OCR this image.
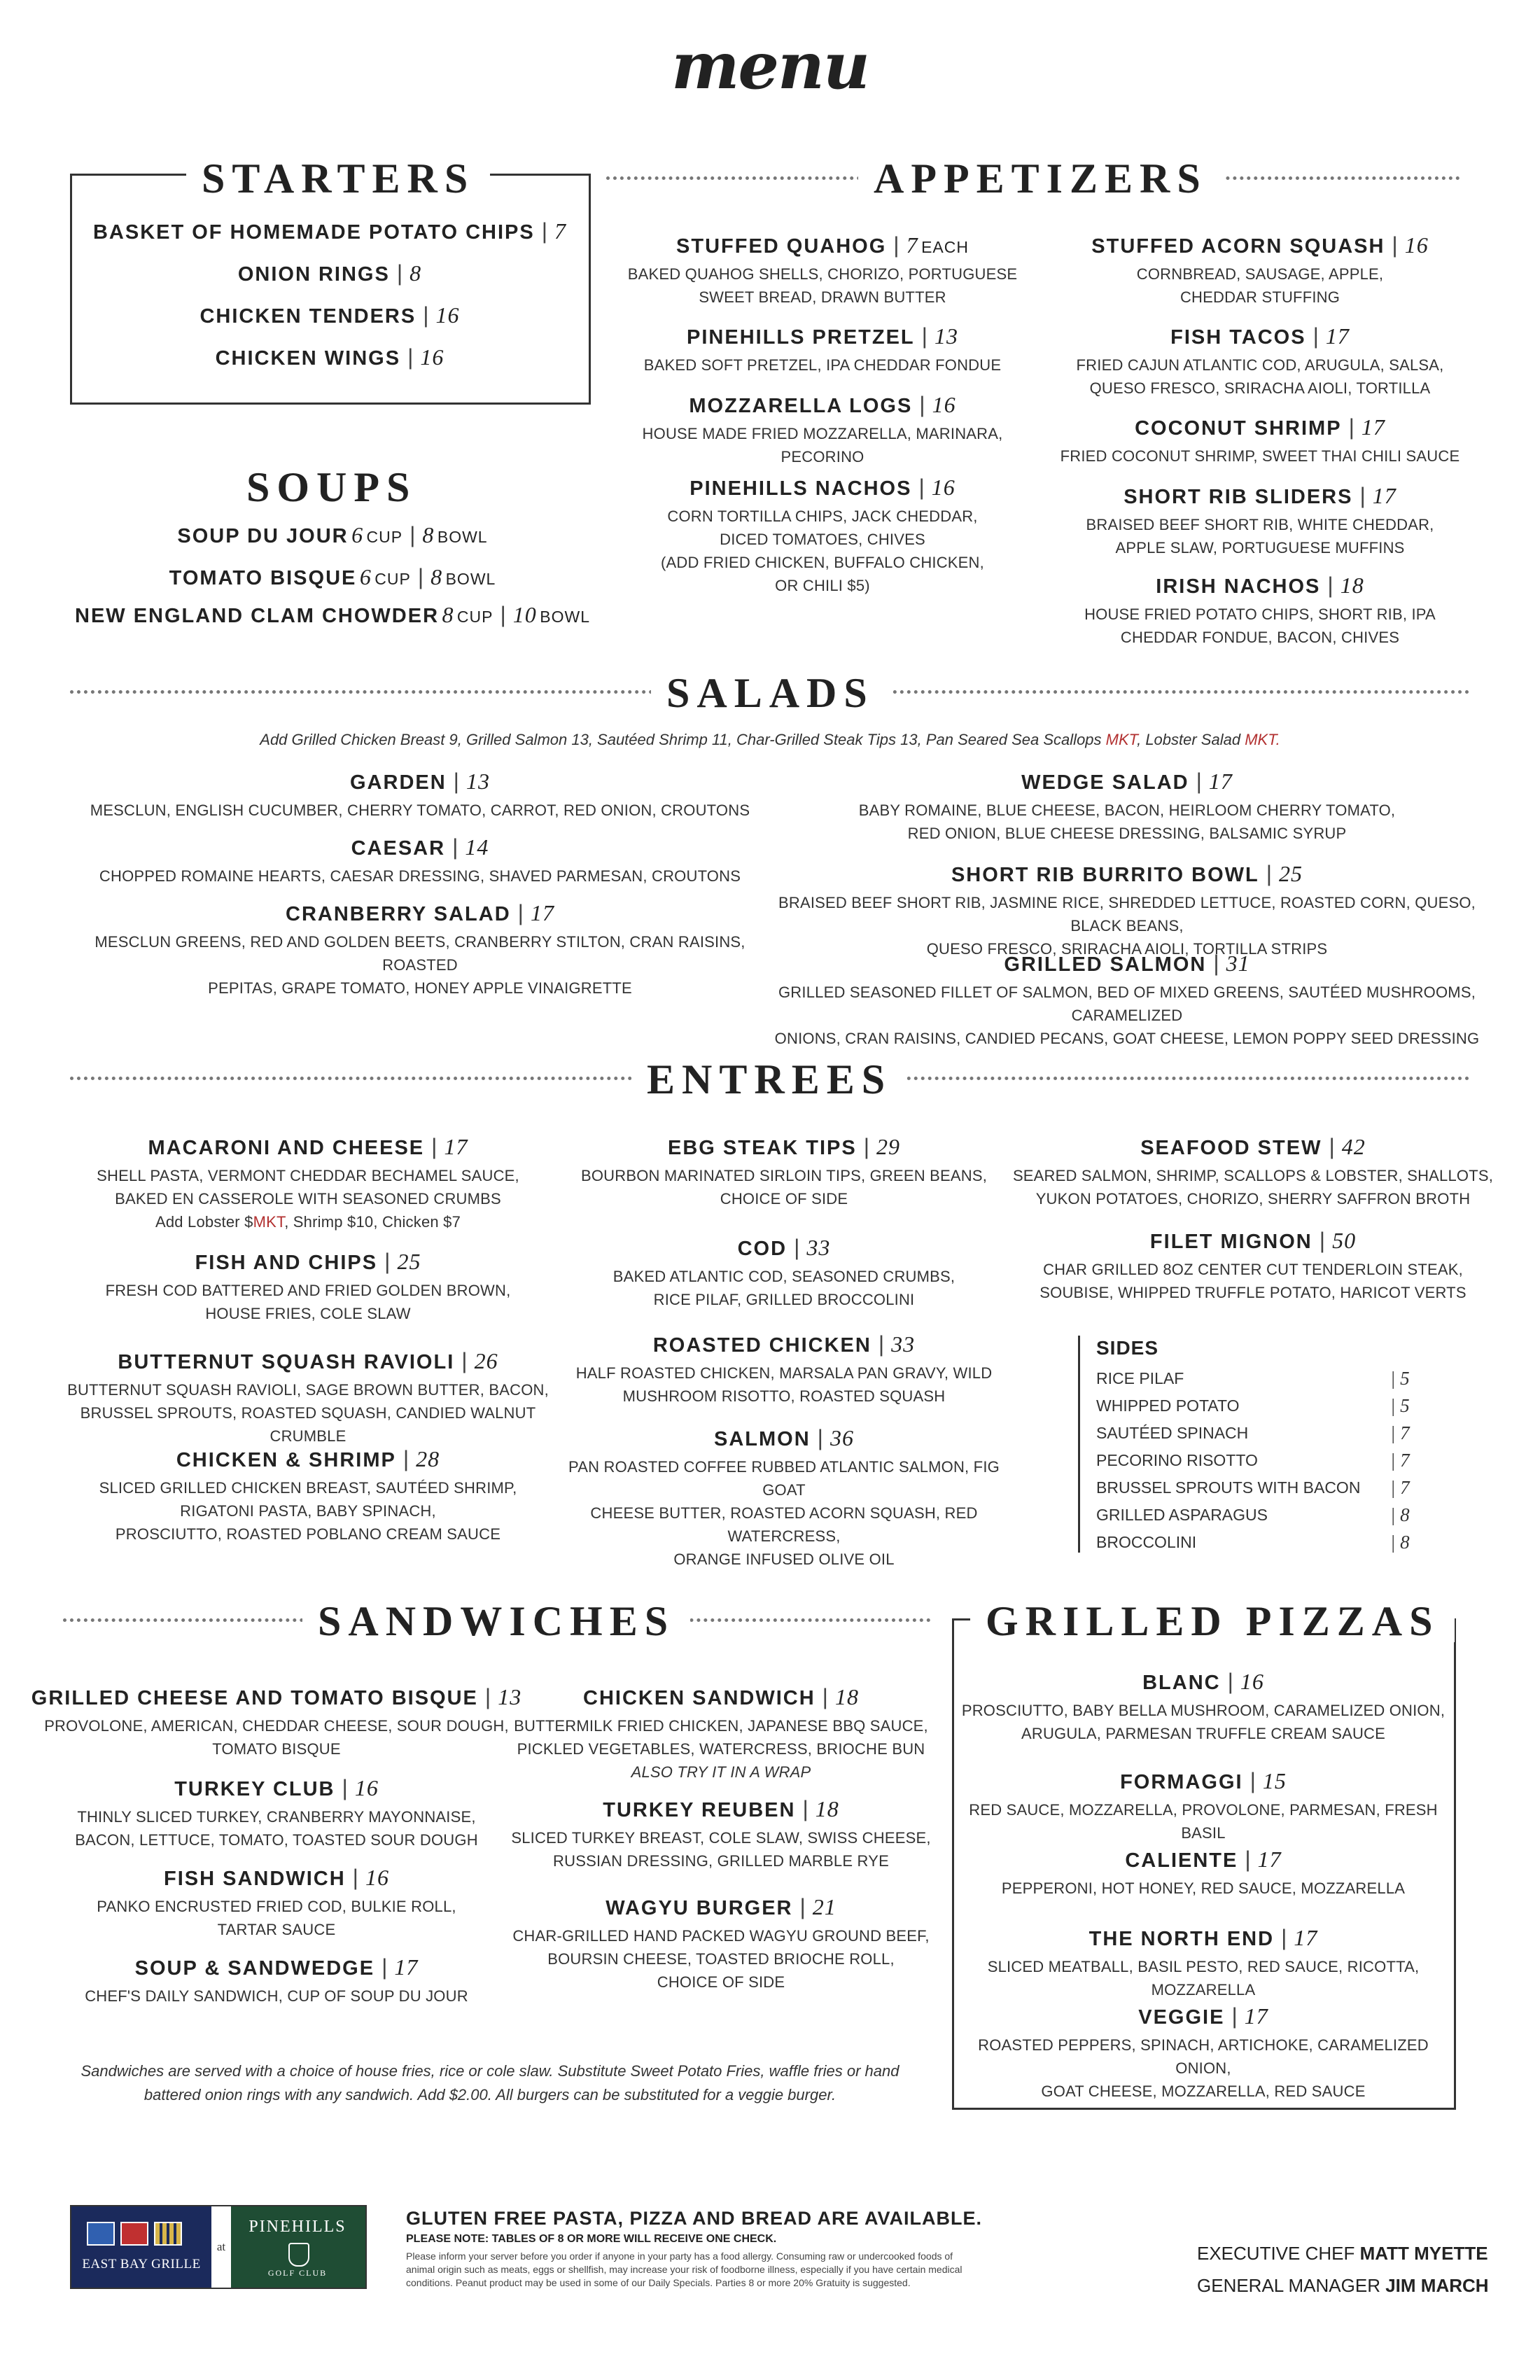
menu
STARTERS
BASKET OF HOMEMADE POTATO CHIPS | 7
ONION RINGS | 8
CHICKEN TENDERS | 16
CHICKEN WINGS | 16
SOUPS
SOUP DU JOUR 6 CUP | 8 BOWL
TOMATO BISQUE 6 CUP | 8 BOWL
NEW ENGLAND CLAM CHOWDER 8 CUP | 10 BOWL
APPETIZERS
STUFFED QUAHOG | 7 EACH
BAKED QUAHOG SHELLS, CHORIZO, PORTUGUESE
SWEET BREAD, DRAWN BUTTER
PINEHILLS PRETZEL | 13
BAKED SOFT PRETZEL, IPA CHEDDAR FONDUE
MOZZARELLA LOGS | 16
HOUSE MADE FRIED MOZZARELLA, MARINARA,
PECORINO
PINEHILLS NACHOS | 16
CORN TORTILLA CHIPS, JACK CHEDDAR,
DICED TOMATOES, CHIVES
(ADD FRIED CHICKEN, BUFFALO CHICKEN,
OR CHILI $5)
STUFFED ACORN SQUASH | 16
CORNBREAD, SAUSAGE, APPLE,
CHEDDAR STUFFING
FISH TACOS | 17
FRIED CAJUN ATLANTIC COD, ARUGULA, SALSA,
QUESO FRESCO, SRIRACHA AIOLI, TORTILLA
COCONUT SHRIMP | 17
FRIED COCONUT SHRIMP, SWEET THAI CHILI SAUCE
SHORT RIB SLIDERS | 17
BRAISED BEEF SHORT RIB, WHITE CHEDDAR,
APPLE SLAW, PORTUGUESE MUFFINS
IRISH NACHOS | 18
HOUSE FRIED POTATO CHIPS, SHORT RIB, IPA
CHEDDAR FONDUE, BACON, CHIVES
SALADS
Add Grilled Chicken Breast 9, Grilled Salmon 13, Sautéed Shrimp 11, Char-Grilled Steak Tips 13, Pan Seared Sea Scallops MKT, Lobster Salad MKT.
GARDEN | 13
MESCLUN, ENGLISH CUCUMBER, CHERRY TOMATO, CARROT, RED ONION, CROUTONS
CAESAR | 14
CHOPPED ROMAINE HEARTS, CAESAR DRESSING, SHAVED PARMESAN, CROUTONS
CRANBERRY SALAD | 17
MESCLUN GREENS, RED AND GOLDEN BEETS, CRANBERRY STILTON, CRAN RAISINS, ROASTED
PEPITAS, GRAPE TOMATO, HONEY APPLE VINAIGRETTE
WEDGE SALAD | 17
BABY ROMAINE, BLUE CHEESE, BACON, HEIRLOOM CHERRY TOMATO,
RED ONION, BLUE CHEESE DRESSING, BALSAMIC SYRUP
SHORT RIB BURRITO BOWL | 25
BRAISED BEEF SHORT RIB, JASMINE RICE, SHREDDED LETTUCE, ROASTED CORN, QUESO, BLACK BEANS,
QUESO FRESCO, SRIRACHA AIOLI, TORTILLA STRIPS
GRILLED SALMON | 31
GRILLED SEASONED FILLET OF SALMON, BED OF MIXED GREENS, SAUTÉED MUSHROOMS, CARAMELIZED
ONIONS, CRAN RAISINS, CANDIED PECANS, GOAT CHEESE, LEMON POPPY SEED DRESSING
ENTREES
MACARONI AND CHEESE | 17
SHELL PASTA, VERMONT CHEDDAR BECHAMEL SAUCE,
BAKED EN CASSEROLE WITH SEASONED CRUMBS
Add Lobster $MKT, Shrimp $10, Chicken $7
FISH AND CHIPS | 25
FRESH COD BATTERED AND FRIED GOLDEN BROWN,
HOUSE FRIES, COLE SLAW
BUTTERNUT SQUASH RAVIOLI | 26
BUTTERNUT SQUASH RAVIOLI, SAGE BROWN BUTTER, BACON,
BRUSSEL SPROUTS, ROASTED SQUASH, CANDIED WALNUT CRUMBLE
CHICKEN & SHRIMP | 28
SLICED GRILLED CHICKEN BREAST, SAUTÉED SHRIMP,
RIGATONI PASTA, BABY SPINACH,
PROSCIUTTO, ROASTED POBLANO CREAM SAUCE
EBG STEAK TIPS | 29
BOURBON MARINATED SIRLOIN TIPS, GREEN BEANS,
CHOICE OF SIDE
COD | 33
BAKED ATLANTIC COD, SEASONED CRUMBS,
RICE PILAF, GRILLED BROCCOLINI
ROASTED CHICKEN | 33
HALF ROASTED CHICKEN, MARSALA PAN GRAVY, WILD
MUSHROOM RISOTTO, ROASTED SQUASH
SALMON | 36
PAN ROASTED COFFEE RUBBED ATLANTIC SALMON, FIG GOAT
CHEESE BUTTER, ROASTED ACORN SQUASH, RED WATERCRESS,
ORANGE INFUSED OLIVE OIL
SEAFOOD STEW | 42
SEARED SALMON, SHRIMP, SCALLOPS & LOBSTER, SHALLOTS,
YUKON POTATOES, CHORIZO, SHERRY SAFFRON BROTH
FILET MIGNON | 50
CHAR GRILLED 8OZ CENTER CUT TENDERLOIN STEAK,
SOUBISE, WHIPPED TRUFFLE POTATO, HARICOT VERTS
SIDES
RICE PILAF	| 5
WHIPPED POTATO	| 5
SAUTÉED SPINACH	| 7
PECORINO RISOTTO	| 7
BRUSSEL SPROUTS WITH BACON	| 7
GRILLED ASPARAGUS	| 8
BROCCOLINI	| 8
SANDWICHES
GRILLED CHEESE AND TOMATO BISQUE | 13
PROVOLONE, AMERICAN, CHEDDAR CHEESE, SOUR DOUGH,
TOMATO BISQUE
TURKEY CLUB | 16
THINLY SLICED TURKEY, CRANBERRY MAYONNAISE,
BACON, LETTUCE, TOMATO, TOASTED SOUR DOUGH
FISH SANDWICH | 16
PANKO ENCRUSTED FRIED COD, BULKIE ROLL,
TARTAR SAUCE
SOUP & SANDWEDGE | 17
CHEF'S DAILY SANDWICH, CUP OF SOUP DU JOUR
CHICKEN SANDWICH | 18
BUTTERMILK FRIED CHICKEN, JAPANESE BBQ SAUCE,
PICKLED VEGETABLES, WATERCRESS, BRIOCHE BUN
ALSO TRY IT IN A WRAP
TURKEY REUBEN | 18
SLICED TURKEY BREAST, COLE SLAW, SWISS CHEESE,
RUSSIAN DRESSING, GRILLED MARBLE RYE
WAGYU BURGER | 21
CHAR-GRILLED HAND PACKED WAGYU GROUND BEEF,
BOURSIN CHEESE, TOASTED BRIOCHE ROLL,
CHOICE OF SIDE
Sandwiches are served with a choice of house fries, rice or cole slaw. Substitute Sweet Potato Fries, waffle fries or hand
battered onion rings with any sandwich. Add $2.00. All burgers can be substituted for a veggie burger.
GRILLED PIZZAS
BLANC | 16
PROSCIUTTO, BABY BELLA MUSHROOM, CARAMELIZED ONION,
ARUGULA, PARMESAN TRUFFLE CREAM SAUCE
FORMAGGI | 15
RED SAUCE, MOZZARELLA, PROVOLONE, PARMESAN, FRESH BASIL
CALIENTE | 17
PEPPERONI, HOT HONEY, RED SAUCE, MOZZARELLA
THE NORTH END | 17
SLICED MEATBALL, BASIL PESTO, RED SAUCE, RICOTTA, MOZZARELLA
VEGGIE | 17
ROASTED PEPPERS, SPINACH, ARTICHOKE, CARAMELIZED ONION,
GOAT CHEESE, MOZZARELLA, RED SAUCE
EAST BAY GRILLE
at
PINEHILLS
GOLF CLUB
GLUTEN FREE PASTA, PIZZA AND BREAD ARE AVAILABLE.
PLEASE NOTE: TABLES OF 8 OR MORE WILL RECEIVE ONE CHECK.
Please inform your server before you order if anyone in your party has a food allergy. Consuming raw or undercooked foods of
animal origin such as meats, eggs or shellfish, may increase your risk of foodborne illness, especially if you have certain medical
conditions. Peanut product may be used in some of our Daily Specials. Parties 8 or more 20% Gratuity is suggested.
EXECUTIVE CHEF MATT MYETTE
GENERAL MANAGER JIM MARCH
